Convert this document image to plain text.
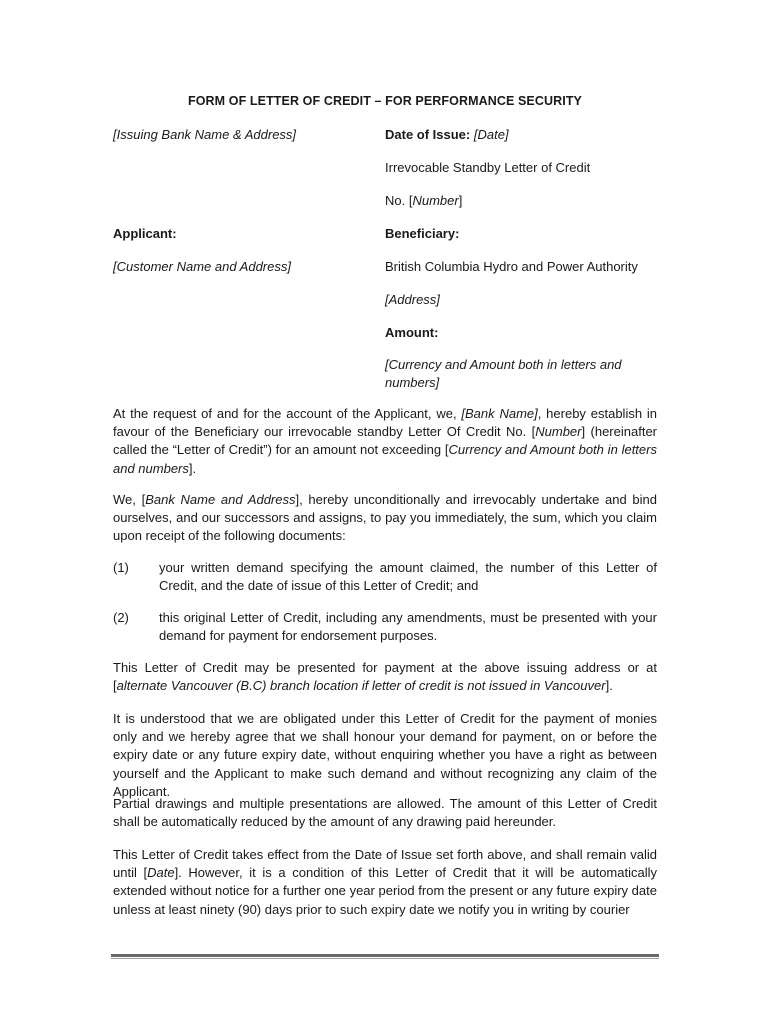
FORM OF LETTER OF CREDIT – FOR PERFORMANCE SECURITY
[Issuing Bank Name & Address]	Date of Issue: [Date]
Irrevocable Standby Letter of Credit
No. [Number]
Applicant:	Beneficiary:
[Customer Name and Address]	British Columbia Hydro and Power Authority
[Address]
Amount:
[Currency and Amount both in letters and
numbers]
At the request of and for the account of the Applicant, we, [Bank Name], hereby establish in favour of the Beneficiary our irrevocable standby Letter Of Credit No. [Number] (hereinafter called the “Letter of Credit”) for an amount not exceeding [Currency and Amount both in letters and numbers].
We, [Bank Name and Address], hereby unconditionally and irrevocably undertake and bind ourselves, and our successors and assigns, to pay you immediately, the sum, which you claim upon receipt of the following documents:
(1) your written demand specifying the amount claimed, the number of this Letter of Credit, and the date of issue of this Letter of Credit; and
(2) this original Letter of Credit, including any amendments, must be presented with your demand for payment for endorsement purposes.
This Letter of Credit may be presented for payment at the above issuing address or at [alternate Vancouver (B.C) branch location if letter of credit is not issued in Vancouver].
It is understood that we are obligated under this Letter of Credit for the payment of monies only and we hereby agree that we shall honour your demand for payment, on or before the expiry date or any future expiry date, without enquiring whether you have a right as between yourself and the Applicant to make such demand and without recognizing any claim of the Applicant.
Partial drawings and multiple presentations are allowed. The amount of this Letter of Credit shall be automatically reduced by the amount of any drawing paid hereunder.
This Letter of Credit takes effect from the Date of Issue set forth above, and shall remain valid until [Date]. However, it is a condition of this Letter of Credit that it will be automatically extended without notice for a further one year period from the present or any future expiry date unless at least ninety (90) days prior to such expiry date we notify you in writing by courier
